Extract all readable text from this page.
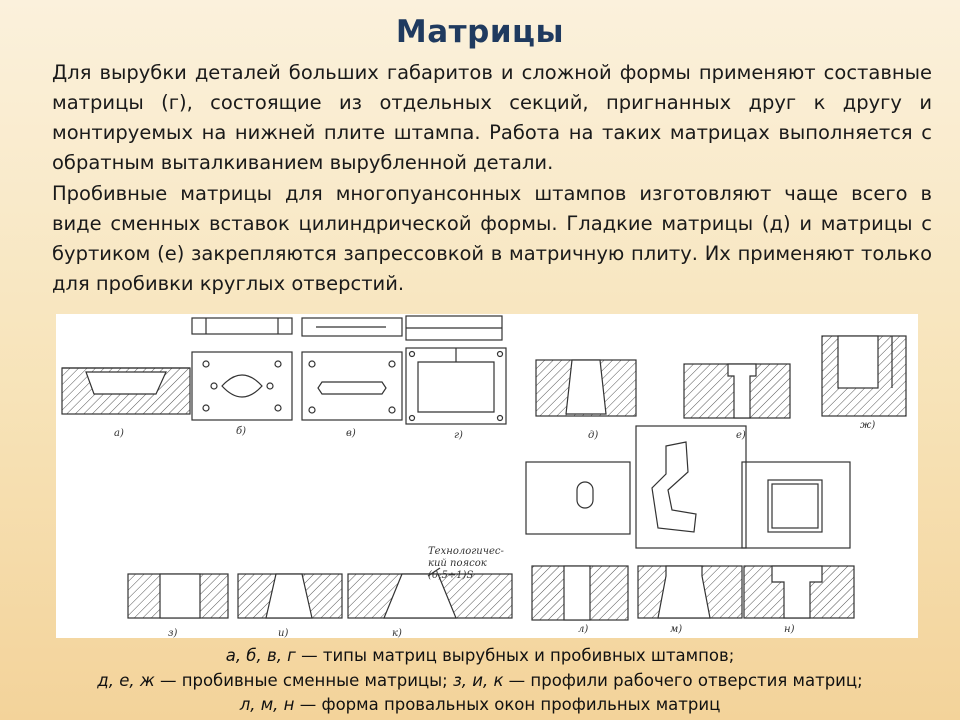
Матрицы
Для вырубки деталей больших габаритов и сложной формы применяют составные матрицы (г), состоящие из отдельных секций, пригнанных друг к другу и монтируемых на нижней плите штампа. Работа на таких матрицах выполняется с обратным выталкиванием вырубленной детали.
Пробивные матрицы для многопуансонных штампов изготовляют чаще всего в виде сменных вставок цилиндрической формы. Гладкие матрицы (д) и матрицы с буртиком (е) закрепляются запрессовкой в матричную плиту. Их применяют только для пробивки круглых отверстий.
а)	б)	в)	г)	д)	е)
ж)
з)	и)	к)
Технологичес-
кий поясок
(0,5÷1)S
л)	м)	н)
а, б, в, г — типы матриц вырубных и пробивных штампов;
д, е, ж — пробивные сменные матрицы; з, и, к — профили рабочего отверстия матриц;
л, м, н — форма провальных окон профильных матриц
